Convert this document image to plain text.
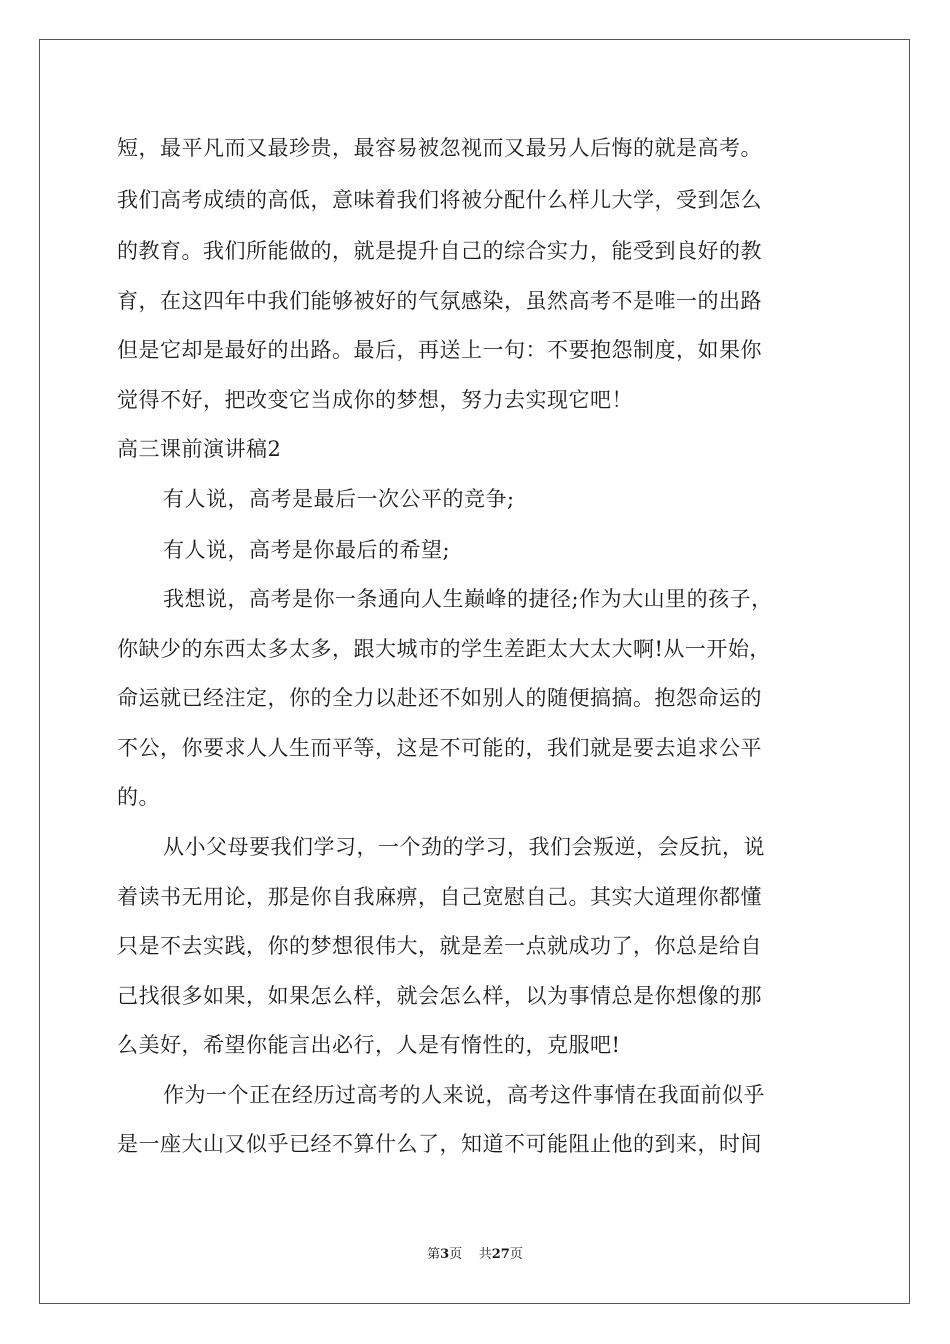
短，最平凡而又最珍贵，最容易被忽视而又最另人后悔的就是高考。
我们高考成绩的高低，意味着我们将被分配什么样儿大学，受到怎么
的教育。我们所能做的，就是提升自己的综合实力，能受到良好的教
育，在这四年中我们能够被好的气氛感染，虽然高考不是唯一的出路
但是它却是最好的出路。最后，再送上一句：不要抱怨制度，如果你
觉得不好，把改变它当成你的梦想，努力去实现它吧！
高三课前演讲稿2
有人说，高考是最后一次公平的竞争;
有人说，高考是你最后的希望;
我想说，高考是你一条通向人生巅峰的捷径;作为大山里的孩子，
你缺少的东西太多太多，跟大城市的学生差距太大太大啊!从一开始，
命运就已经注定，你的全力以赴还不如别人的随便搞搞。抱怨命运的
不公，你要求人人生而平等，这是不可能的，我们就是要去追求公平
的。
从小父母要我们学习，一个劲的学习，我们会叛逆，会反抗，说
着读书无用论，那是你自我麻痹，自己宽慰自己。其实大道理你都懂
只是不去实践，你的梦想很伟大，就是差一点就成功了，你总是给自
己找很多如果，如果怎么样，就会怎么样，以为事情总是你想像的那
么美好，希望你能言出必行，人是有惰性的，克服吧!
作为一个正在经历过高考的人来说，高考这件事情在我面前似乎
是一座大山又似乎已经不算什么了，知道不可能阻止他的到来，时间
第3页 共27页
